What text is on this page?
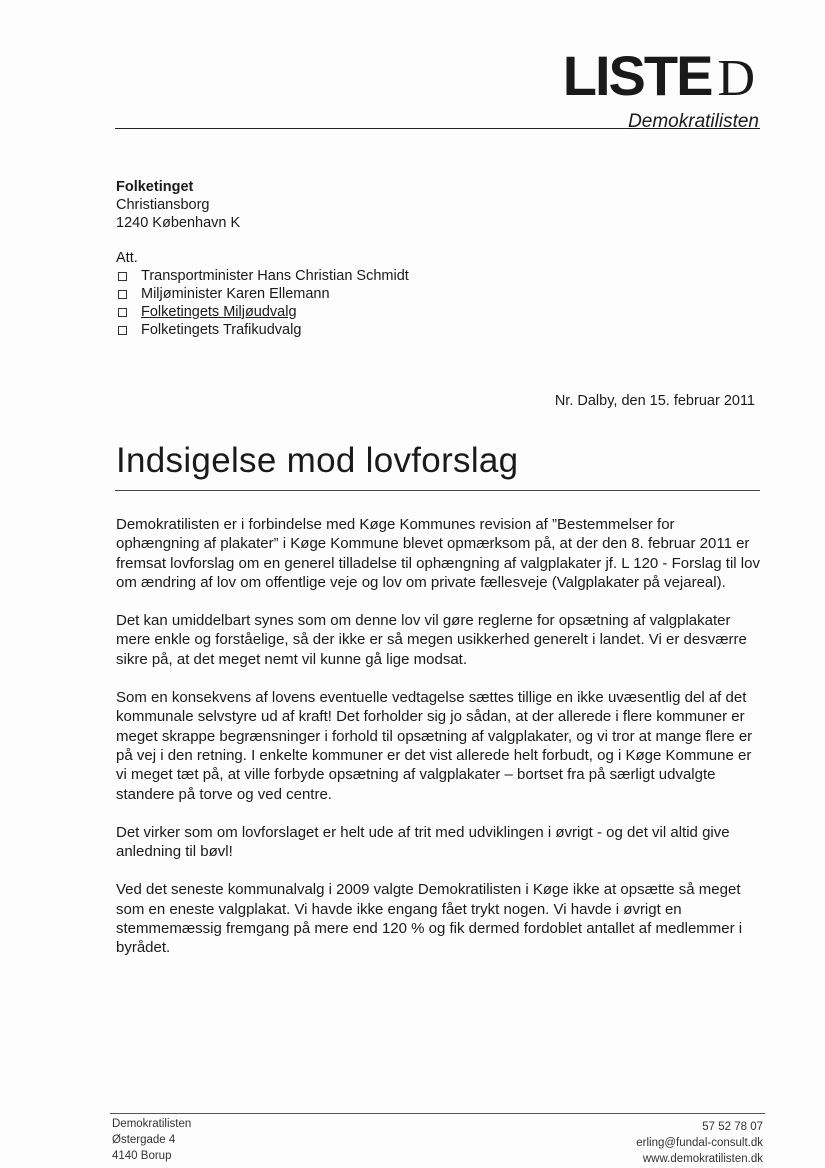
LISTE D
Demokratilisten
Folketinget
Christiansborg
1240 København K
Att.
Transportminister Hans Christian Schmidt
Miljøminister Karen Ellemann
Folketingets Miljøudvalg
Folketingets Trafikudvalg
Nr. Dalby, den 15. februar 2011
Indsigelse mod lovforslag

Demokratilisten er i forbindelse med Køge Kommunes revision af ”Bestemmelser for ophængning af plakater” i Køge Kommune blevet opmærksom på, at der den 8. februar 2011 er fremsat lovforslag om en generel tilladelse til ophængning af valgplakater jf. L 120 - Forslag til lov om ændring af lov om offentlige veje og lov om private fællesveje (Valgplakater på vejareal).

Det kan umiddelbart synes som om denne lov vil gøre reglerne for opsætning af valgplakater mere enkle og forståelige, så der ikke er så megen usikkerhed generelt i landet. Vi er desværre sikre på, at det meget nemt vil kunne gå lige modsat.

Som en konsekvens af lovens eventuelle vedtagelse sættes tillige en ikke uvæsentlig del af det kommunale selvstyre ud af kraft! Det forholder sig jo sådan, at der allerede i flere kommuner er meget skrappe begrænsninger i forhold til opsætning af valgplakater, og vi tror at mange flere er på vej i den retning. I enkelte kommuner er det vist allerede helt forbudt, og i Køge Kommune er vi meget tæt på, at ville forbyde opsætning af valgplakater – bortset fra på særligt udvalgte standere på torve og ved centre.

Det virker som om lovforslaget er helt ude af trit med udviklingen i øvrigt - og det vil altid give anledning til bøvl!

Ved det seneste kommunalvalg i 2009 valgte Demokratilisten i Køge ikke at opsætte så meget som en eneste valgplakat. Vi havde ikke engang fået trykt nogen. Vi havde i øvrigt en stemmemæssig fremgang på mere end 120 % og fik dermed fordoblet antallet af medlemmer i byrådet.

Demokratilisten
Østergade 4
4140 Borup
57 52 78 07
erling@fundal-consult.dk
www.demokratilisten.dk
